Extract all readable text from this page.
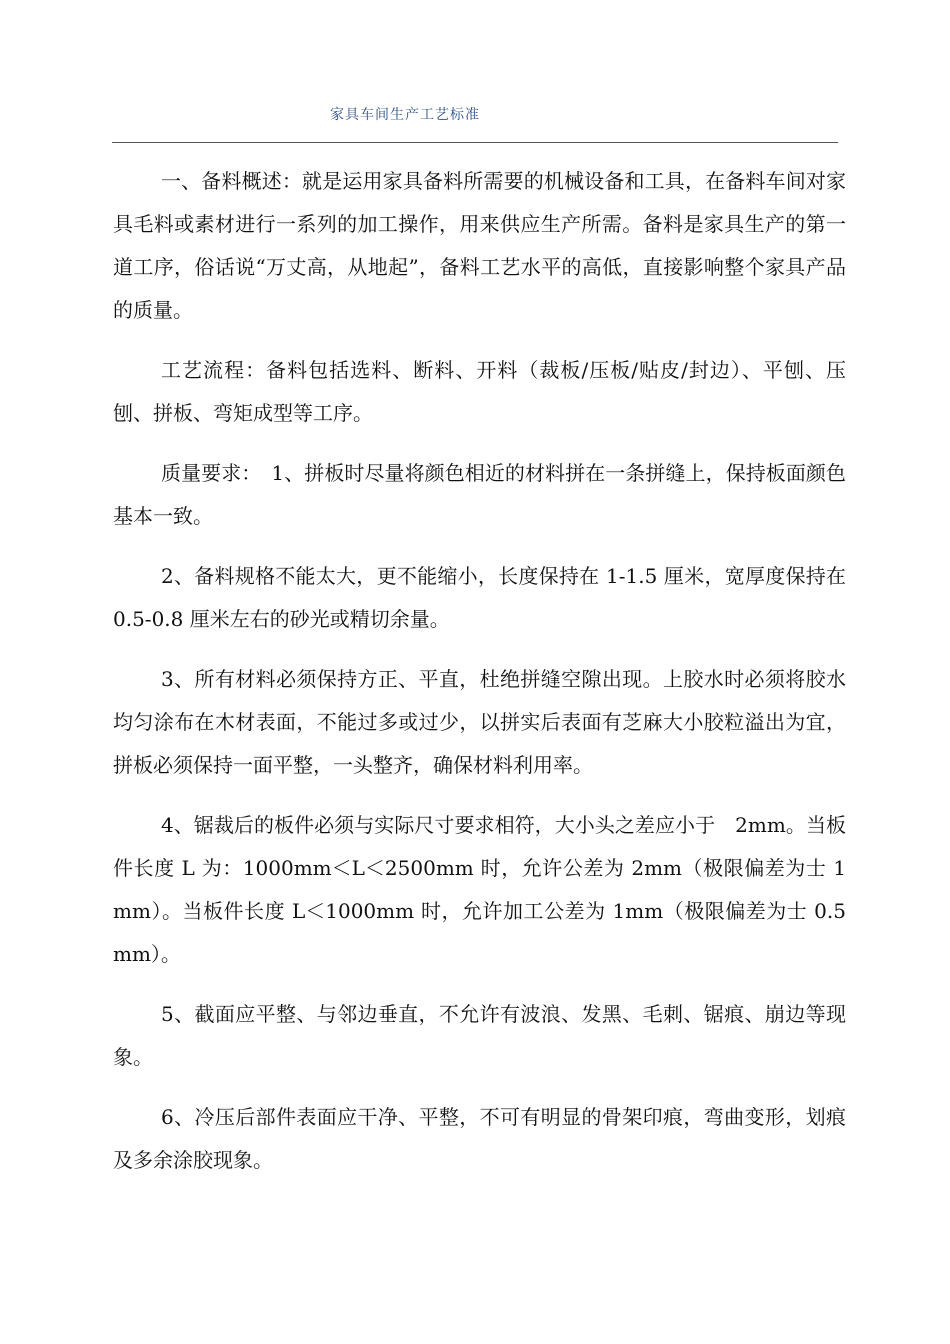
家具车间生产工艺标准

一、备料概述：就是运用家具备料所需要的机械设备和工具，在备料车间对家具毛料或素材进行一系列的加工操作，用来供应生产所需。备料是家具生产的第一道工序，俗话说“万丈高，从地起”，备料工艺水平的高低，直接影响整个家具产品的质量。

工艺流程：备料包括选料、断料、开料（裁板/压板/贴皮/封边）、平刨、压刨、拼板、弯矩成型等工序。

质量要求：　1、拼板时尽量将颜色相近的材料拼在一条拼缝上，保持板面颜色基本一致。

2、备料规格不能太大，更不能缩小，长度保持在 1-1.5 厘米，宽厚度保持在 0.5-0.8 厘米左右的砂光或精切余量。

3、所有材料必须保持方正、平直，杜绝拼缝空隙出现。上胶水时必须将胶水均匀涂布在木材表面，不能过多或过少，以拼实后表面有芝麻大小胶粒溢出为宜，拼板必须保持一面平整，一头整齐，确保材料利用率。

4、锯裁后的板件必须与实际尺寸要求相符，大小头之差应小于　2mm。当板件长度 L 为：1000mm＜L＜2500mm 时，允许公差为 2mm（极限偏差为士 1mm）。当板件长度 L＜1000mm 时，允许加工公差为 1mm（极限偏差为士 0.5mm）。

5、截面应平整、与邻边垂直，不允许有波浪、发黑、毛刺、锯痕、崩边等现象。

6、冷压后部件表面应干净、平整，不可有明显的骨架印痕，弯曲变形，划痕及多余涂胶现象。
